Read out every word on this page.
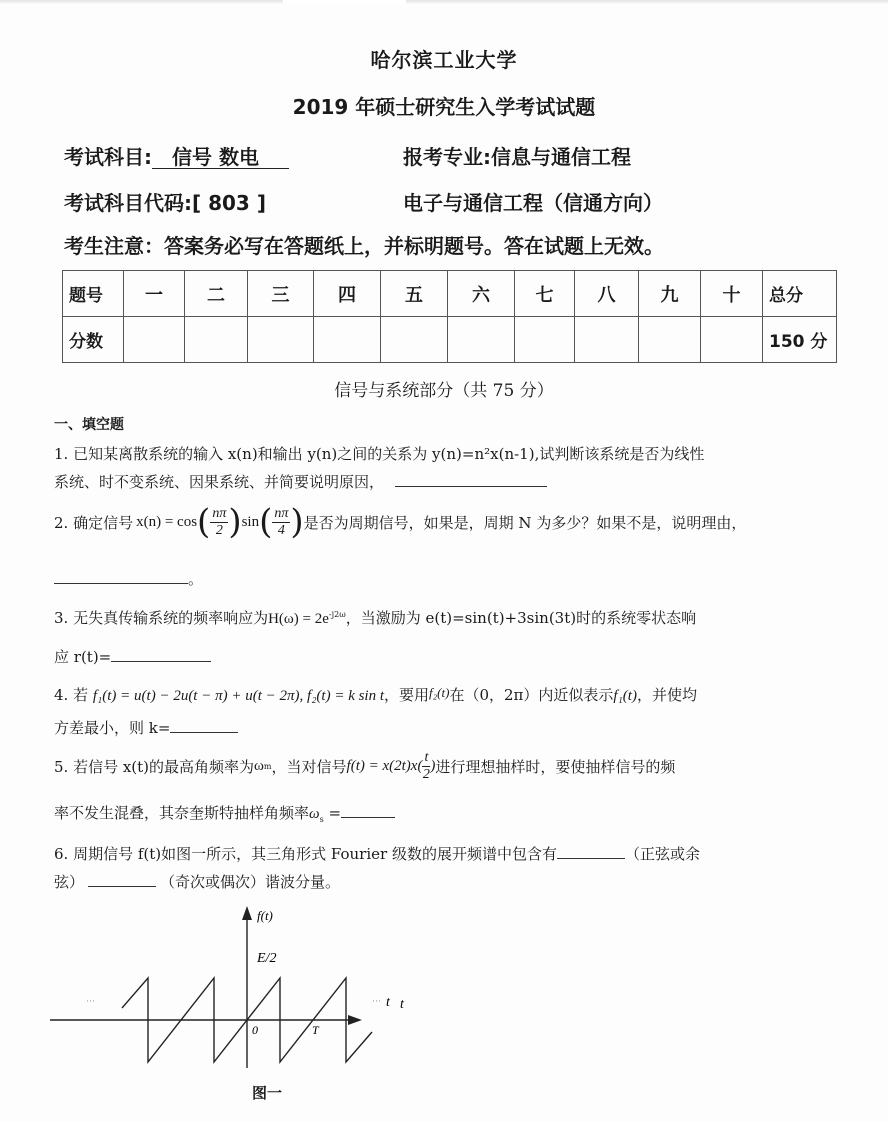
哈尔滨工业大学
2019 年硕士研究生入学考试试题
考试科目: 信号 数电	报考专业:信息与通信工程
考试科目代码:[ 803 ]	电子与通信工程（信通方向）
考生注意：答案务必写在答题纸上，并标明题号。答在试题上无效。
题号	一	二	三	四	五	六	七	八	九	十	总分
分数											150 分
信号与系统部分（共 75 分）
一、填空题
1. 已知某离散系统的输入 x(n)和输出 y(n)之间的关系为 y(n)=n²x(n-1),试判断该系统是否为线性
系统、时不变系统、因果系统、并简要说明原因，
2. 确定信号 x(n) = cos ( $\frac{n\pi}{2}$ ) sin ( $\frac{n\pi}{4}$ ) 是否为周期信号，如果是，周期 N 为多少？如果不是，说明理由，
。
3. 无失真传输系统的频率响应为$H(\omega) = 2e^{-j2\omega}$，当激励为 e(t)=sin(t)+3sin(3t)时的系统零状态响
应 r(t)=
4. 若 f₁(t) = u(t) − 2u(t − π) + u(t − 2π), f₂(t) = k sin t，要用f₂(t)在（0，2π）内近似表示f₁(t)，并使均
方差最小，则 k=
5. 若信号 x(t)的最高角频率为 ω m ，当对信号 $f(t) = x(2t)x( \frac{t}{2}$ ) 进行理想抽样时，要使抽样信号的频
率不发生混叠，其奈奎斯特抽样角频率$\omega_s$ =
6. 周期信号 f(t)如图一所示，其三角形式 Fourier 级数的展开频谱中包含有	（正弦或余
弦）	（奇次或偶次）谐波分量。
f(t)
E/2
t
0	T
···	··· t
图一
